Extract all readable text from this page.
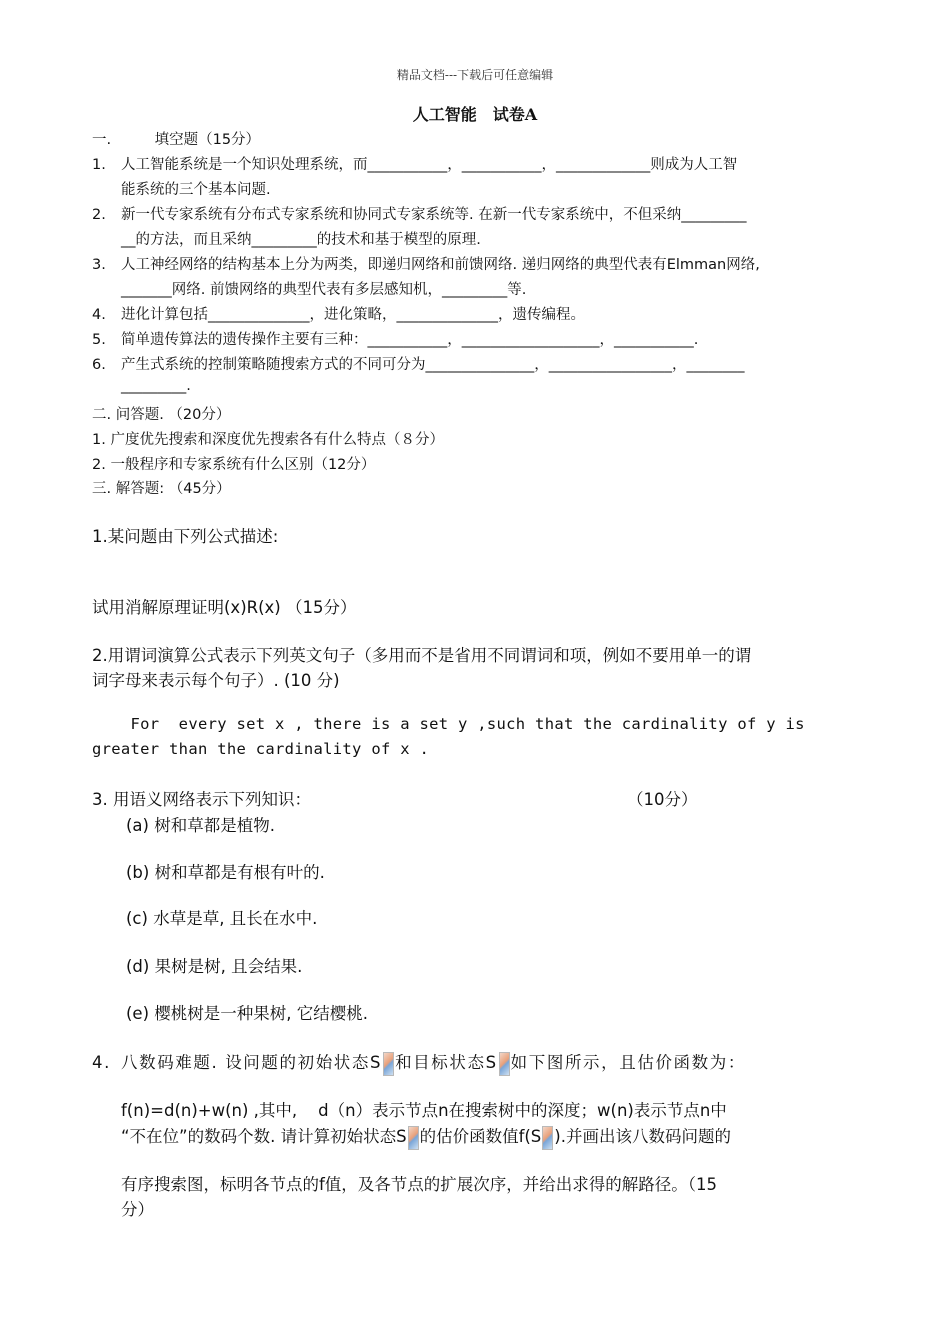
精品文档---下载后可任意编辑
人工智能　试卷A
一.　　　填空题（15分）
1. 人工智能系统是一个知识处理系统，而___________，___________，_____________则成为人工智
能系统的三个基本问题.
2. 新一代专家系统有分布式专家系统和协同式专家系统等. 在新一代专家系统中，不但采纳_________
__的方法，而且采纳_________的技术和基于模型的原理.
3. 人工神经网络的结构基本上分为两类，即递归网络和前馈网络. 递归网络的典型代表有Elmman网络,
_______网络. 前馈网络的典型代表有多层感知机，_________等.
4. 进化计算包括______________，进化策略，______________，遗传编程。
5. 简单遗传算法的遗传操作主要有三种：___________，___________________，___________.
6. 产生式系统的控制策略随搜索方式的不同可分为_______________，_________________，________
_________.
二. 问答题. （20分）
1. 广度优先搜索和深度优先搜索各有什么特点（８分）
2. 一般程序和专家系统有什么区别（12分）
三. 解答题: （45分）
1.某问题由下列公式描述:
试用消解原理证明(x)R(x) （15分）
2.用谓词演算公式表示下列英文句子（多用而不是省用不同谓词和项，例如不要用单一的谓
词字母来表示每个句子）. (10 分)
For  every set x , there is a set y ,such that the cardinality of y is
greater than the cardinality of x .
3. 用语义网络表示下列知识：	（10分）
(a) 树和草都是植物.
(b) 树和草都是有根有叶的.
(c) 水草是草, 且长在水中.
(d) 果树是树, 且会结果.
(e) 樱桃树是一种果树, 它结樱桃.
4. 八数码难题. 设问题的初始状态S 和目标状态S 如下图所示，且估价函数为：
f(n)=d(n)+w(n) ,其中,    d（n）表示节点n在搜索树中的深度；w(n)表示节点n中
“不在位”的数码个数. 请计算初始状态S 的估价函数值f(S ).并画出该八数码问题的
有序搜索图，标明各节点的f值，及各节点的扩展次序，并给出求得的解路径。（15
分）
